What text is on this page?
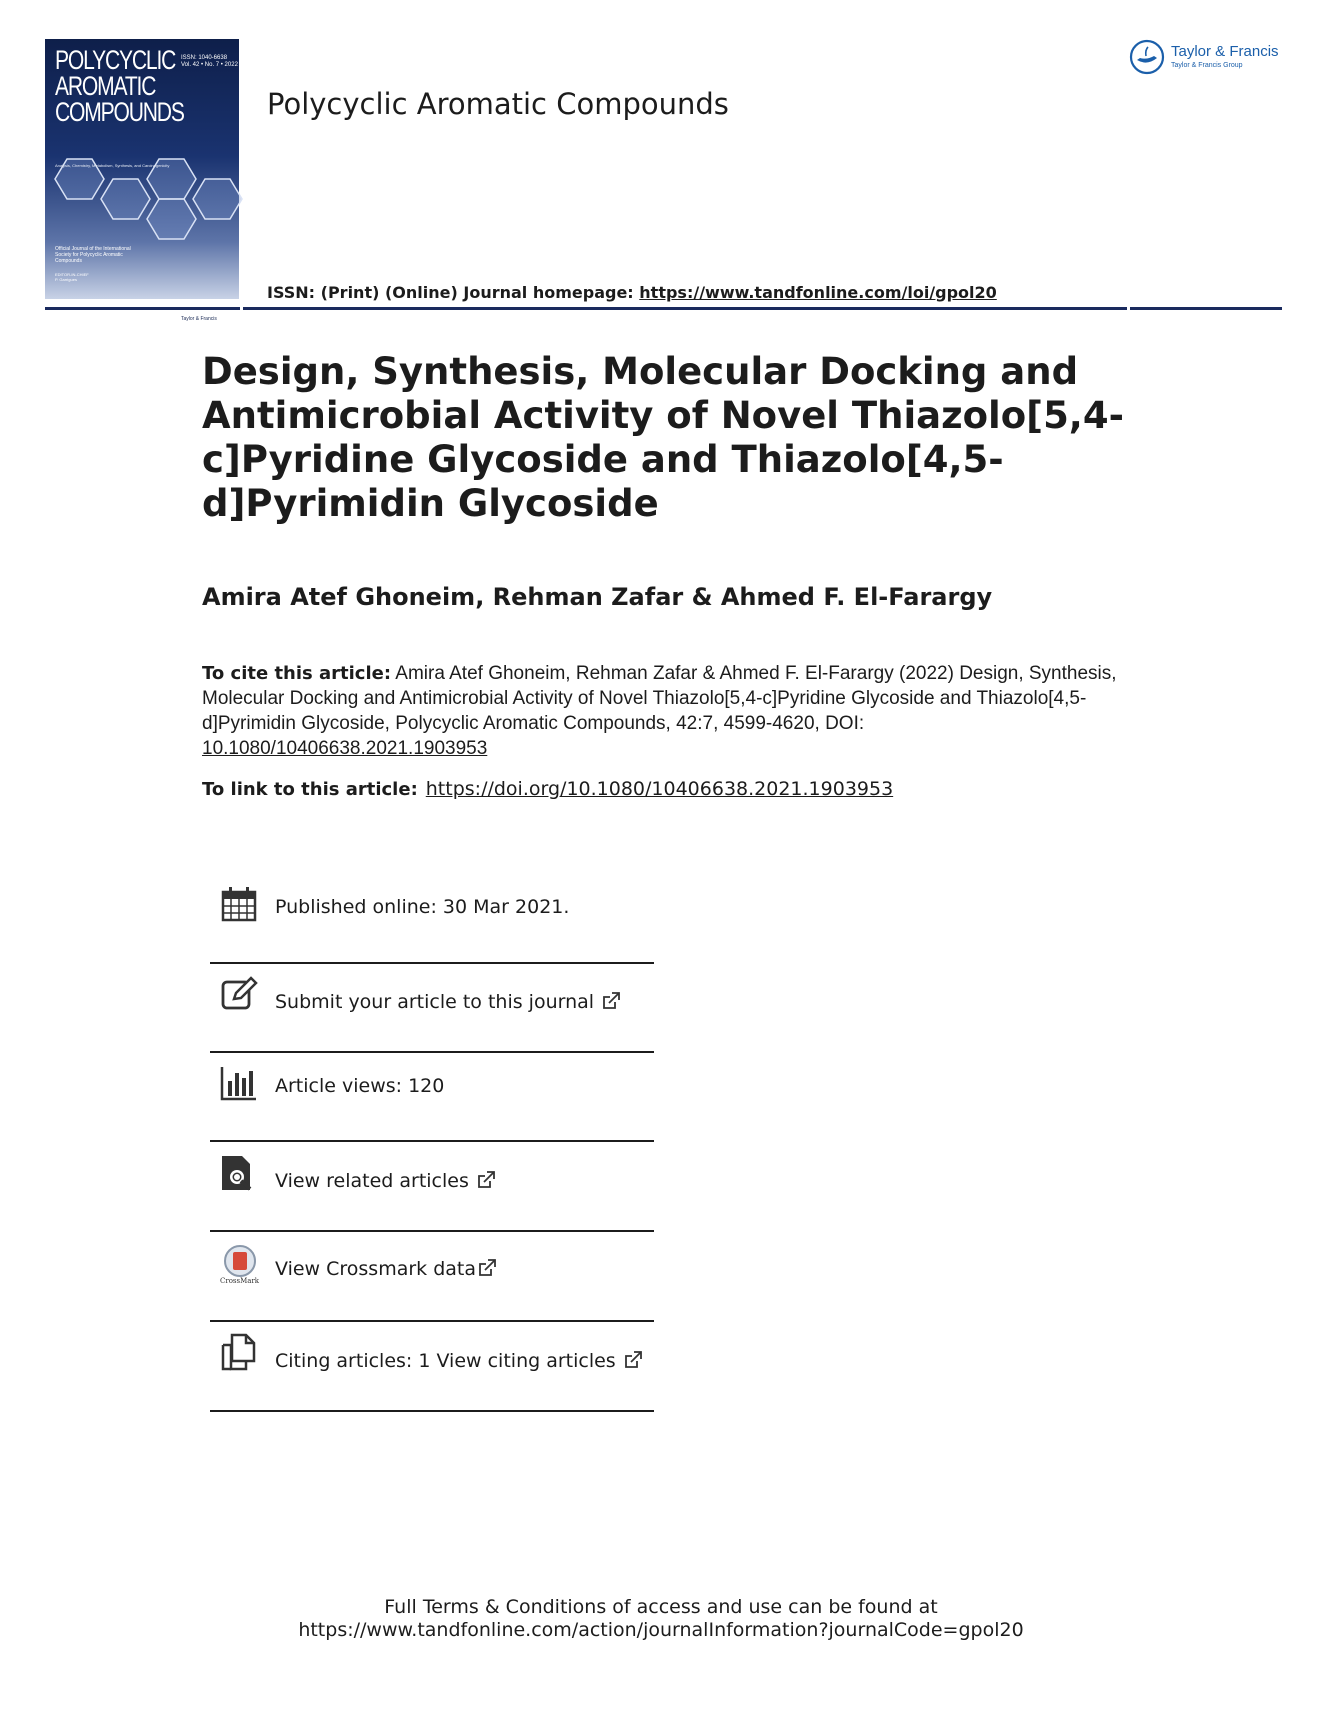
POLYCYCLIC
AROMATIC
COMPOUNDS
ISSN: 1040-6638
Vol. 42 • No. 7 • 2022
Analysis, Chemistry, Metabolism, Synthesis, and Carcinogenicity
Official Journal of the International
Society for Polycyclic Aromatic
Compounds
EDITOR-IN-CHIEF
P. Garrigues
Taylor & Francis
Polycyclic Aromatic Compounds
ISSN: (Print) (Online) Journal homepage: https://www.tandfonline.com/loi/gpol20
Taylor & Francis
Taylor & Francis Group
Design, Synthesis, Molecular Docking and Antimicrobial Activity of Novel Thiazolo[5,4-c]Pyridine Glycoside and Thiazolo[4,5-d]Pyrimidin Glycoside
Amira Atef Ghoneim, Rehman Zafar & Ahmed F. El-Farargy
To cite this article: Amira Atef Ghoneim, Rehman Zafar & Ahmed F. El-Farargy (2022) Design, Synthesis, Molecular Docking and Antimicrobial Activity of Novel Thiazolo[5,4-c]Pyridine Glycoside and Thiazolo[4,5-d]Pyrimidin Glycoside, Polycyclic Aromatic Compounds, 42:7, 4599-4620, DOI: 10.1080/10406638.2021.1903953
To link to this article: https://doi.org/10.1080/10406638.2021.1903953
Published online: 30 Mar 2021.
Submit your article to this journal
Article views: 120
View related articles
CrossMark
View Crossmark data
Citing articles: 1 View citing articles
Full Terms & Conditions of access and use can be found at
https://www.tandfonline.com/action/journalInformation?journalCode=gpol20
